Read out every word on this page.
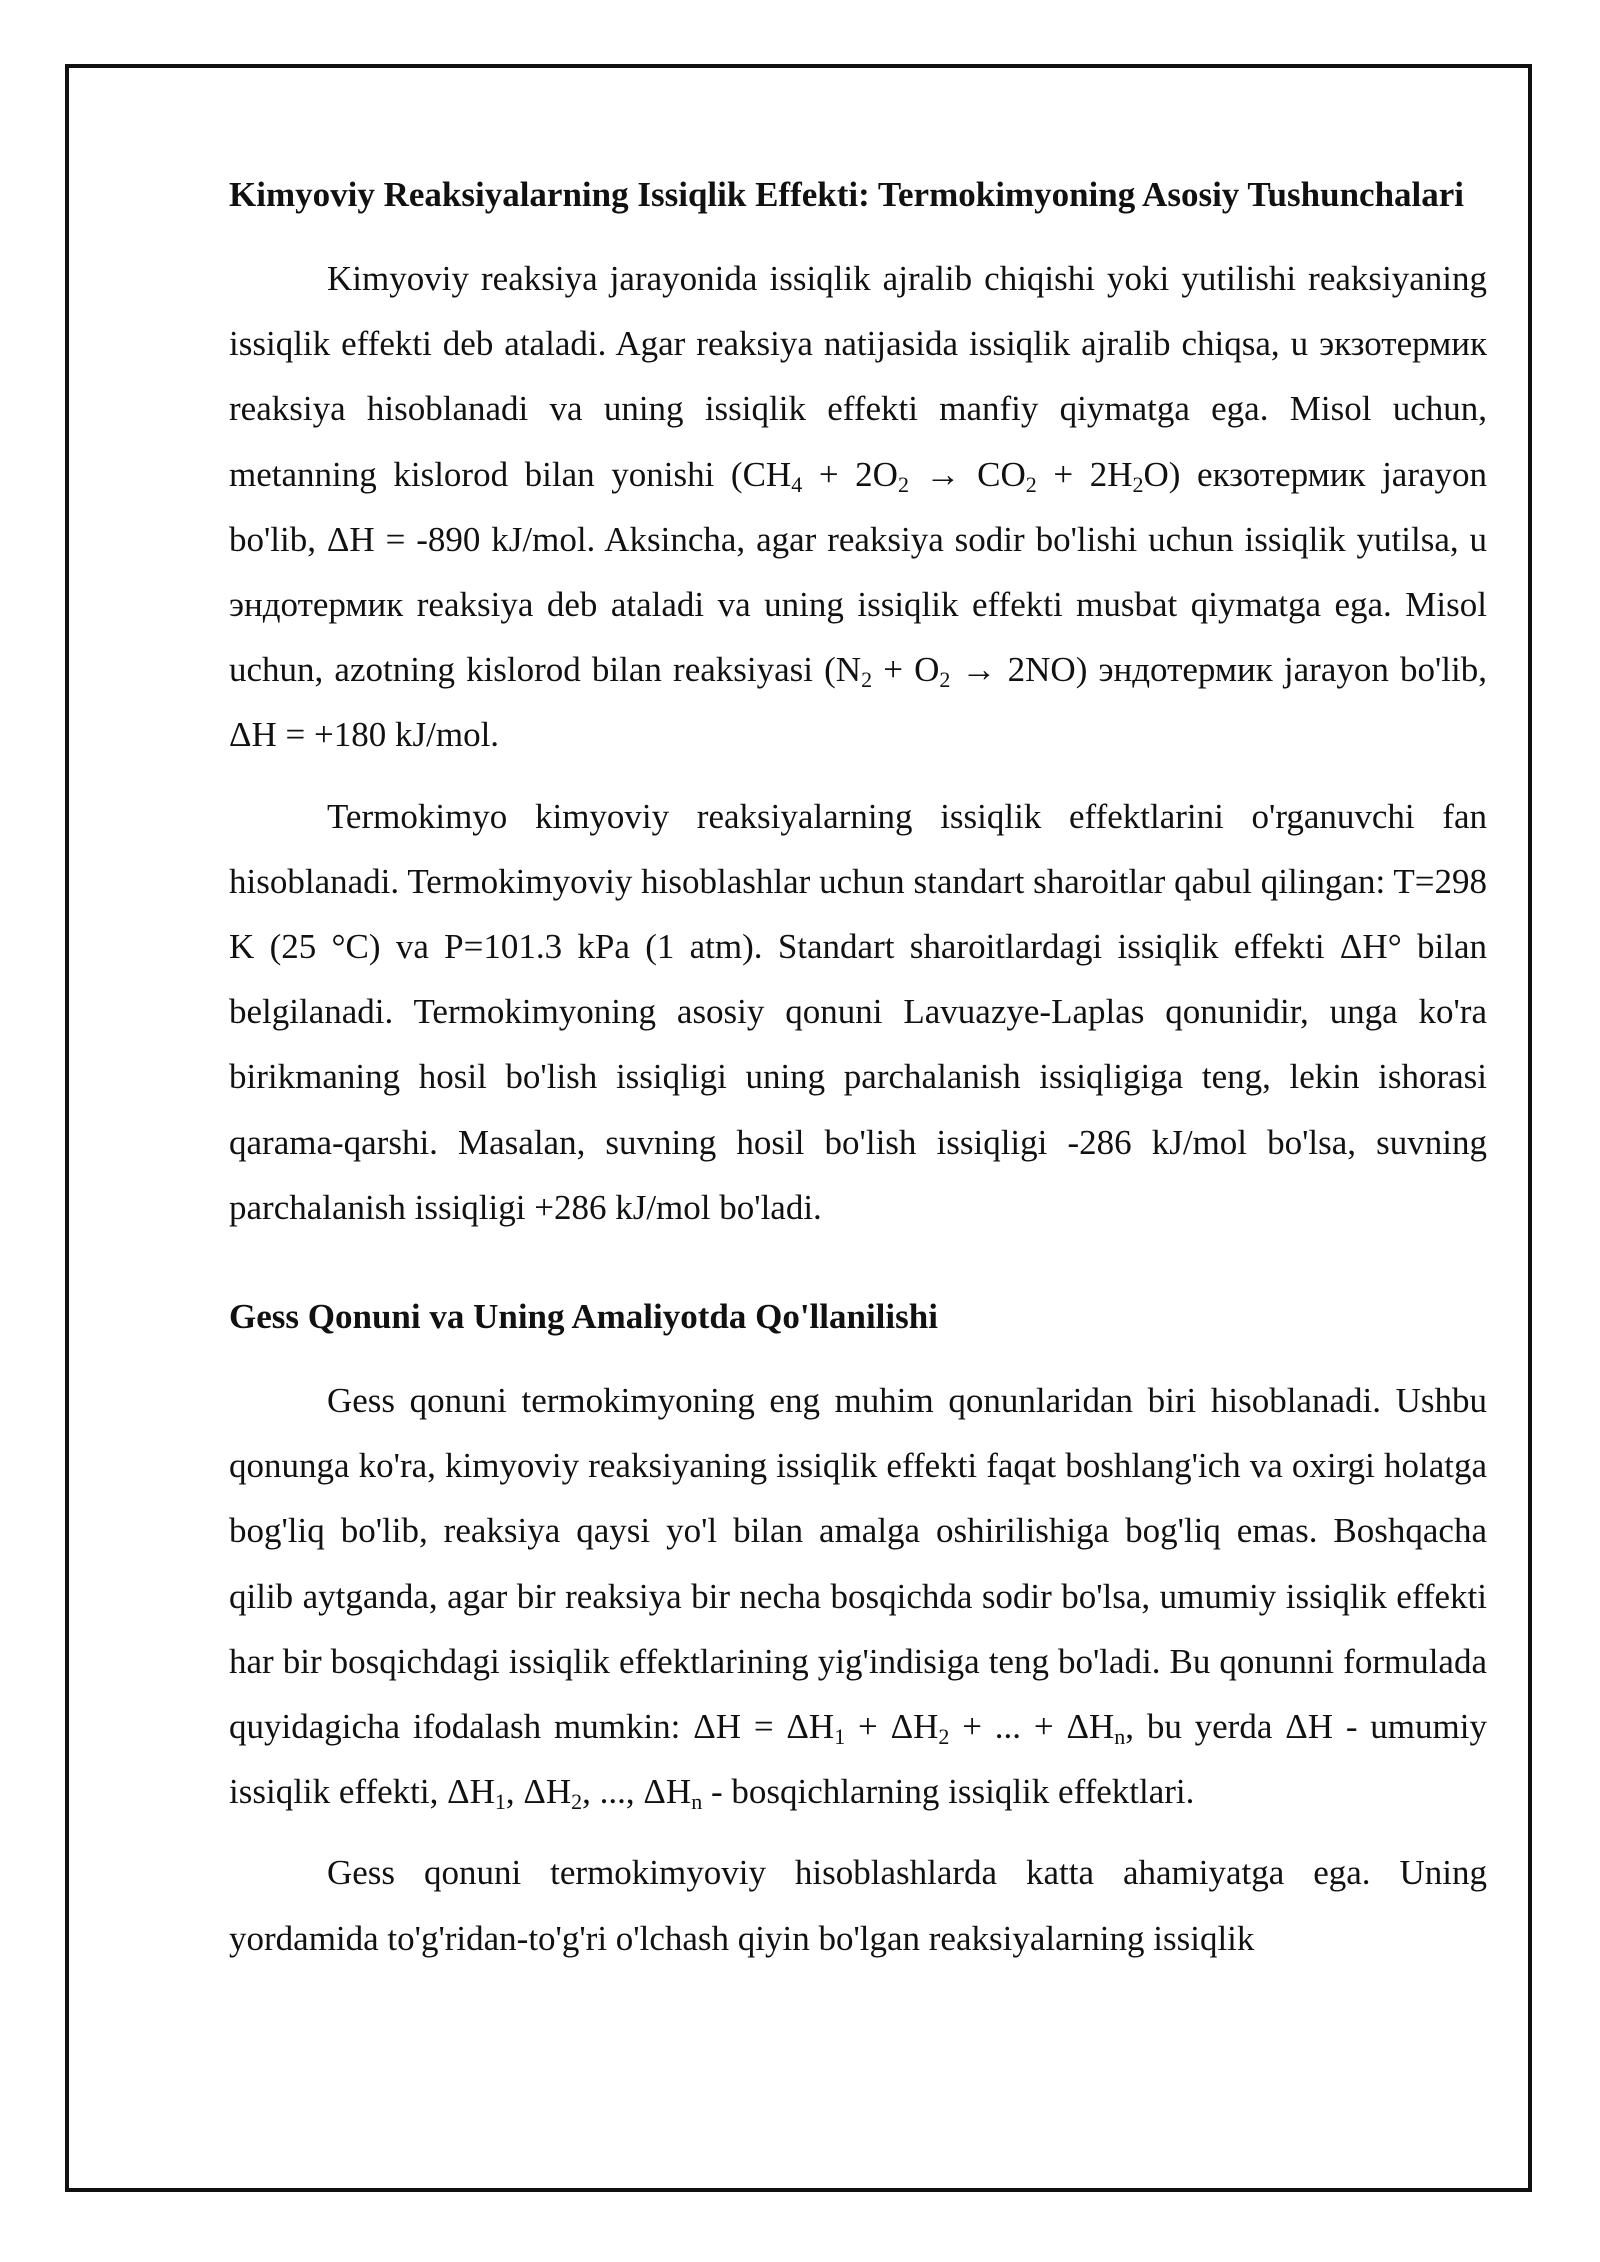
Kimyoviy Reaksiyalarning Issiqlik Effekti: Termokimyoning Asosiy Tushunchalari

Kimyoviy reaksiya jarayonida issiqlik ajralib chiqishi yoki yutilishi reaksiyaning issiqlik effekti deb ataladi. Agar reaksiya natijasida issiqlik ajralib chiqsa, u экзотермик reaksiya hisoblanadi va uning issiqlik effekti manfiy qiymatga ega. Misol uchun, metanning kislorod bilan yonishi $(CH_4 + 2O_2 \to CO_2 + 2H_2O)$ екзотермик jarayon bo'lib, ΔH = -890 kJ/mol. Aksincha, agar reaksiya sodir bo'lishi uchun issiqlik yutilsa, u эндотермик reaksiya deb ataladi va uning issiqlik effekti musbat qiymatga ega. Misol uchun, azotning kislorod bilan reaksiyasi $(N_2 + O_2 \to 2NO)$ эндотермик jarayon bo'lib, ΔH = +180 kJ/mol.

Termokimyo kimyoviy reaksiyalarning issiqlik effektlarini o'rganuvchi fan hisoblanadi. Termokimyoviy hisoblashlar uchun standart sharoitlar qabul qilingan: T=298 K (25 °C) va P=101.3 kPa (1 atm). Standart sharoitlardagi issiqlik effekti ΔH° bilan belgilanadi. Termokimyoning asosiy qonuni Lavuazye-Laplas qonunidir, unga ko'ra birikmaning hosil bo'lish issiqligi uning parchalanish issiqligiga teng, lekin ishorasi qarama-qarshi. Masalan, suvning hosil bo'lish issiqligi -286 kJ/mol bo'lsa, suvning parchalanish issiqligi +286 kJ/mol bo'ladi.

Gess Qonuni va Uning Amaliyotda Qo'llanilishi

Gess qonuni termokimyoning eng muhim qonunlaridan biri hisoblanadi. Ushbu qonunga ko'ra, kimyoviy reaksiyaning issiqlik effekti faqat boshlang'ich va oxirgi holatga bog'liq bo'lib, reaksiya qaysi yo'l bilan amalga oshirilishiga bog'liq emas. Boshqacha qilib aytganda, agar bir reaksiya bir necha bosqichda sodir bo'lsa, umumiy issiqlik effekti har bir bosqichdagi issiqlik effektlarining yig'indisiga teng bo'ladi. Bu qonunni formulada quyidagicha ifodalash mumkin: $\Delta H = \Delta H_1 + \Delta H_2$ + ... + $\Delta H_n$, bu yerda ΔH - umumiy issiqlik effekti, $\Delta H_1$, $\Delta H_2$, ..., $\Delta H_n$ - bosqichlarning issiqlik effektlari.

Gess qonuni termokimyoviy hisoblashlarda katta ahamiyatga ega. Uning yordamida to'g'ridan-to'g'ri o'lchash qiyin bo'lgan reaksiyalarning issiqlik
